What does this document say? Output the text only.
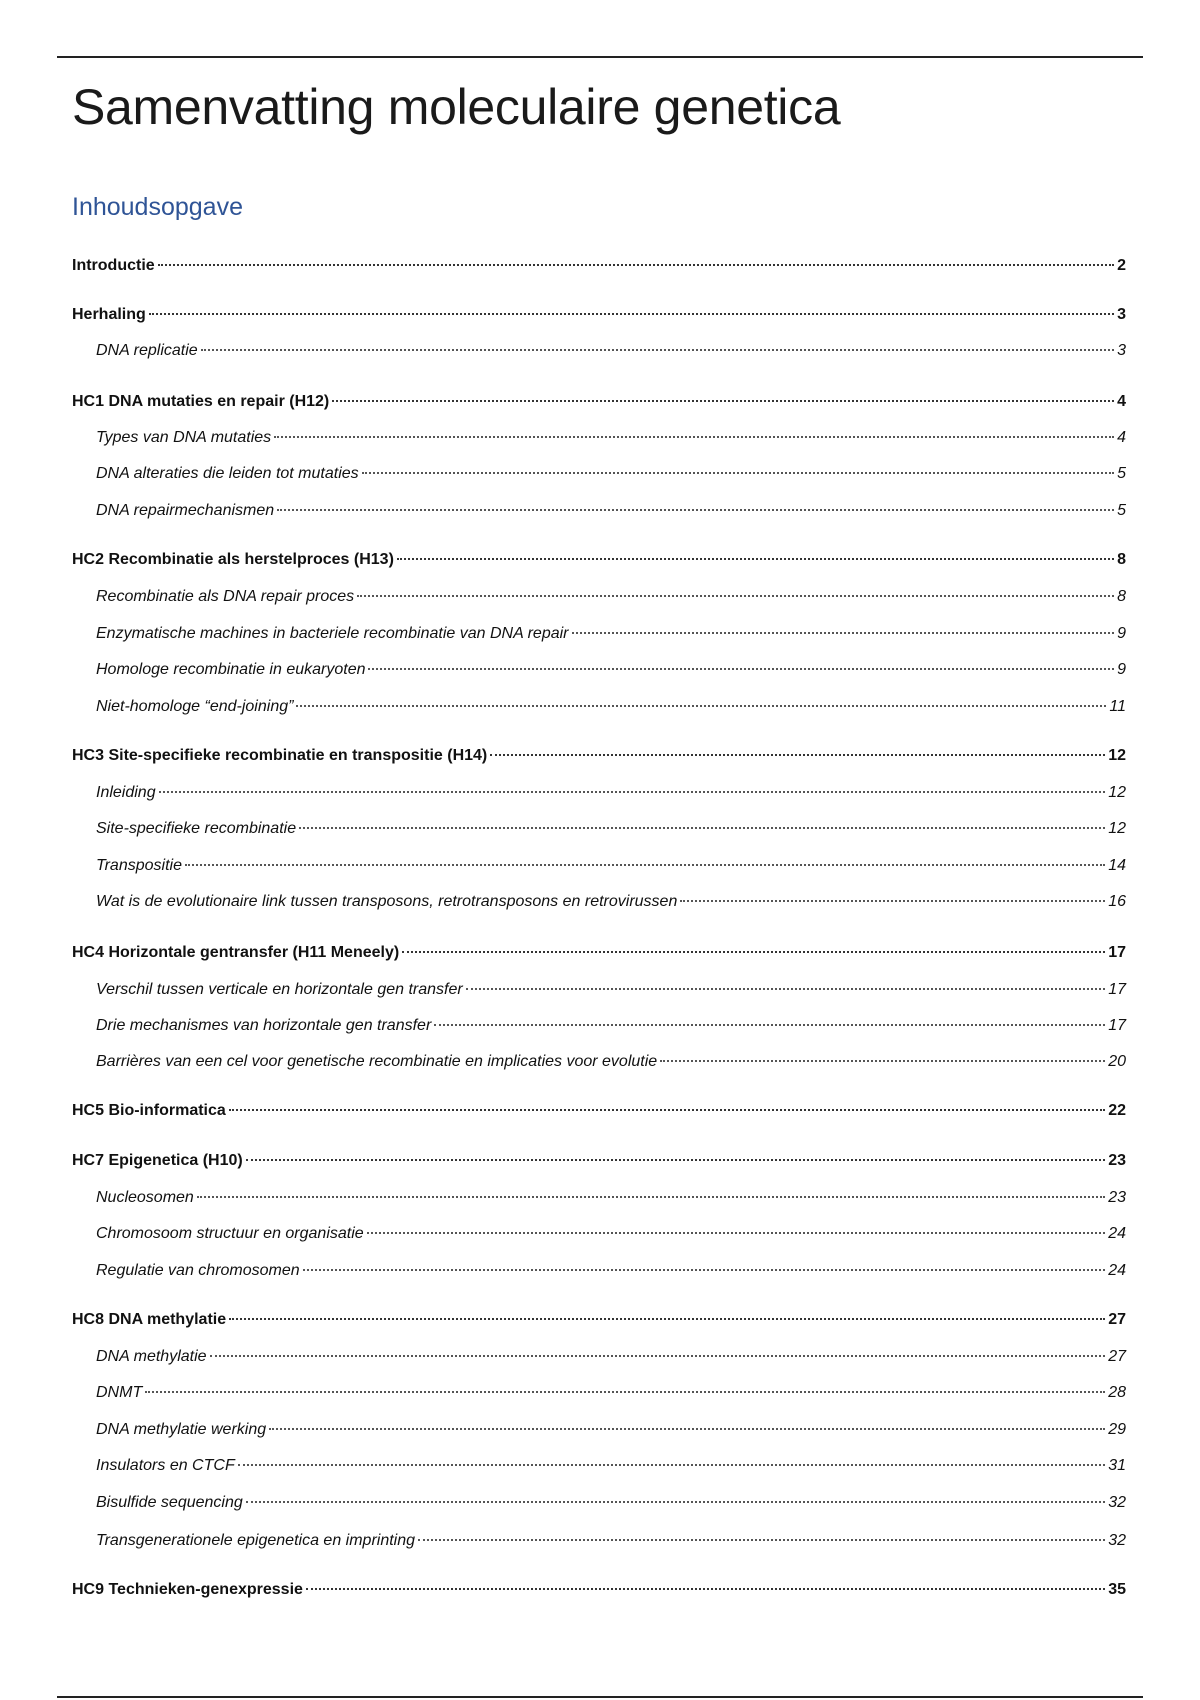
Samenvatting moleculaire genetica
Inhoudsopgave
Introductie	2
Herhaling	3
DNA replicatie	3
HC1 DNA mutaties en repair (H12)	4
Types van DNA mutaties	4
DNA alteraties die leiden tot mutaties	5
DNA repairmechanismen	5
HC2 Recombinatie als herstelproces (H13)	8
Recombinatie als DNA repair proces	8
Enzymatische machines in bacteriele recombinatie van DNA repair	9
Homologe recombinatie in eukaryoten	9
Niet-homologe “end-joining”	11
HC3 Site-specifieke recombinatie en transpositie (H14)	12
Inleiding	12
Site-specifieke recombinatie	12
Transpositie	14
Wat is de evolutionaire link tussen transposons, retrotransposons en retrovirussen	16
HC4 Horizontale gentransfer (H11 Meneely)	17
Verschil tussen verticale en horizontale gen transfer	17
Drie mechanismes van horizontale gen transfer	17
Barrières van een cel voor genetische recombinatie en implicaties voor evolutie	20
HC5 Bio-informatica	22
HC7 Epigenetica (H10)	23
Nucleosomen	23
Chromosoom structuur en organisatie	24
Regulatie van chromosomen	24
HC8 DNA methylatie	27
DNA methylatie	27
DNMT	28
DNA methylatie werking	29
Insulators en CTCF	31
Bisulfide sequencing	32
Transgenerationele epigenetica en imprinting	32
HC9 Technieken-genexpressie	35
